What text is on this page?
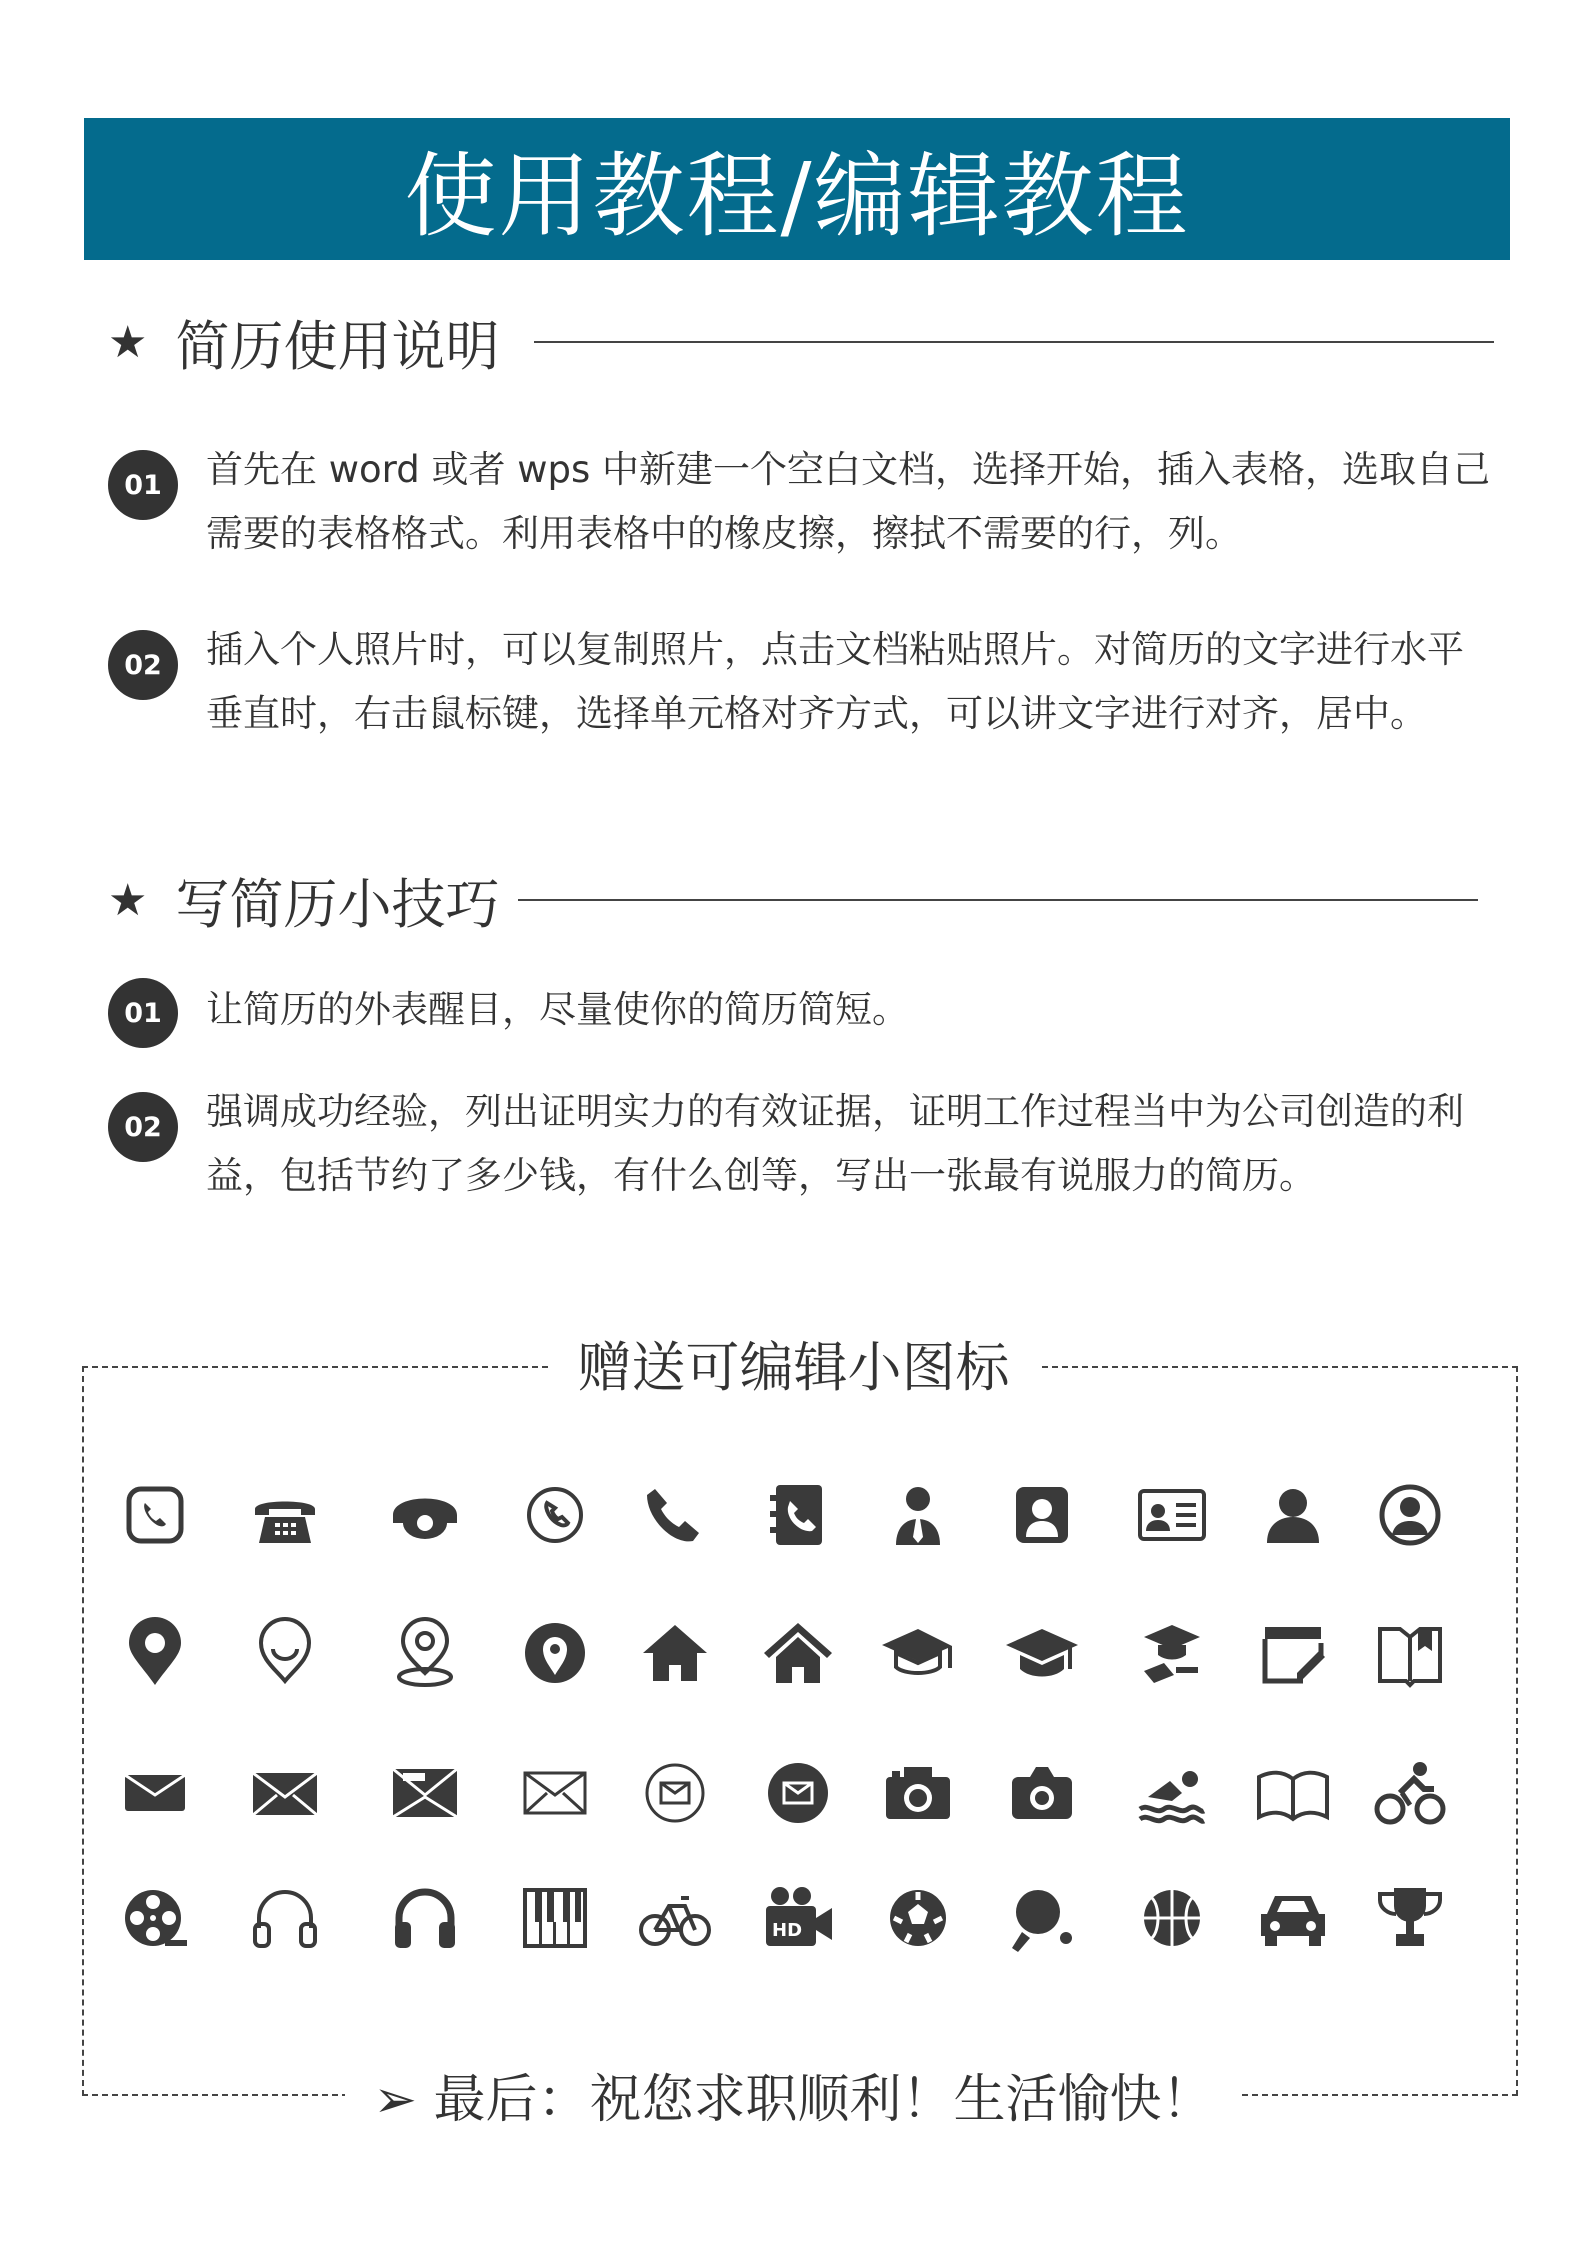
使用教程/编辑教程
★ 简历使用说明
01	首先在 word 或者 wps 中新建一个空白文档，选择开始，插入表格，选取自己需要的表格格式。利用表格中的橡皮擦，擦拭不需要的行，列。
02	插入个人照片时，可以复制照片，点击文档粘贴照片。对简历的文字进行水平垂直时，右击鼠标键，选择单元格对齐方式，可以讲文字进行对齐，居中。
★ 写简历小技巧
01	让简历的外表醒目，尽量使你的简历简短。
02	强调成功经验，列出证明实力的有效证据，证明工作过程当中为公司创造的利益，包括节约了多少钱，有什么创等，写出一张最有说服力的简历。
赠送可编辑小图标
HD
➢ 最后：祝您求职顺利！生活愉快！
